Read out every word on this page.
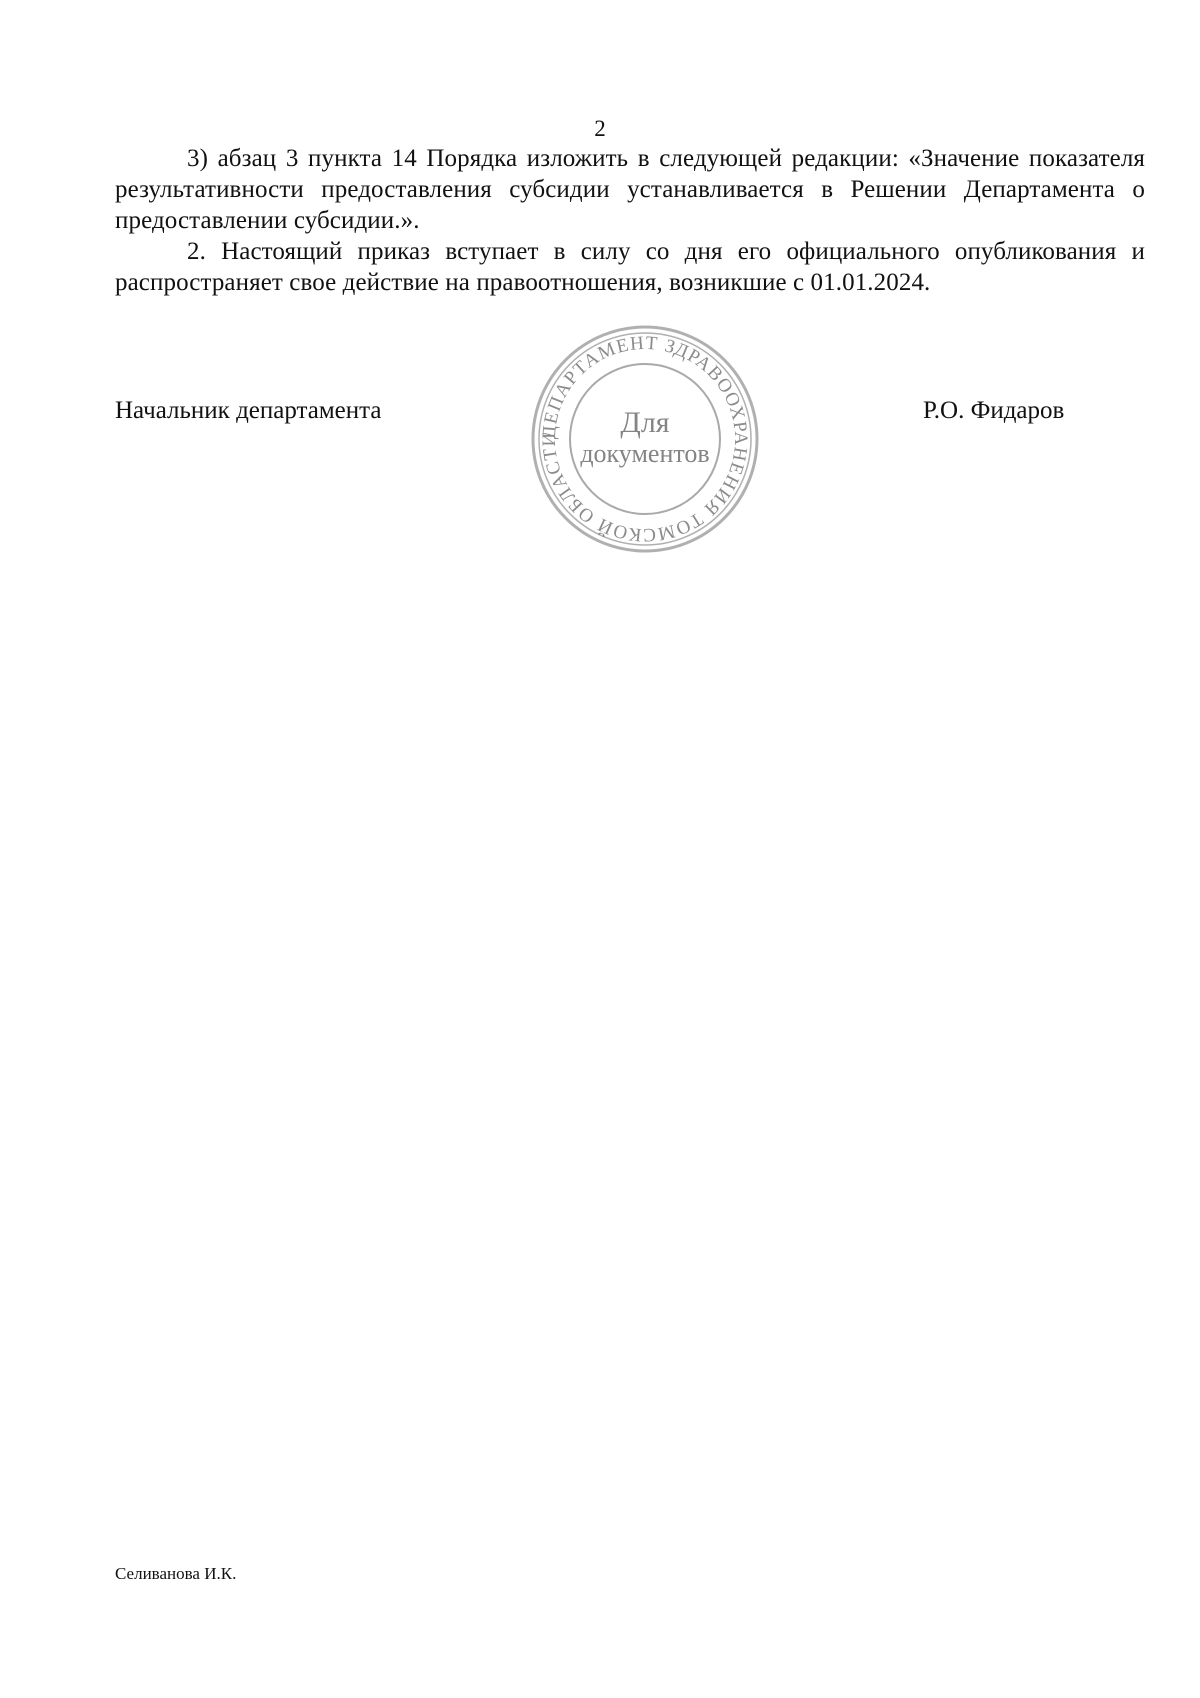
2

3) абзац 3 пункта 14 Порядка изложить в следующей редакции: «Значение показателя результативности предоставления субсидии устанавливается в Решении Департамента о предоставлении субсидии.».

2. Настоящий приказ вступает в силу со дня его официального опубликования и распространяет свое действие на правоотношения, возникшие с 01.01.2024.

Начальник департамента
ДЕПАРТАМЕНТ ЗДРАВООХРАНЕНИЯ ТОМСКОЙ ОБЛАСТИ
Для
документов
Р.О. Фидаров
Селиванова И.К.
